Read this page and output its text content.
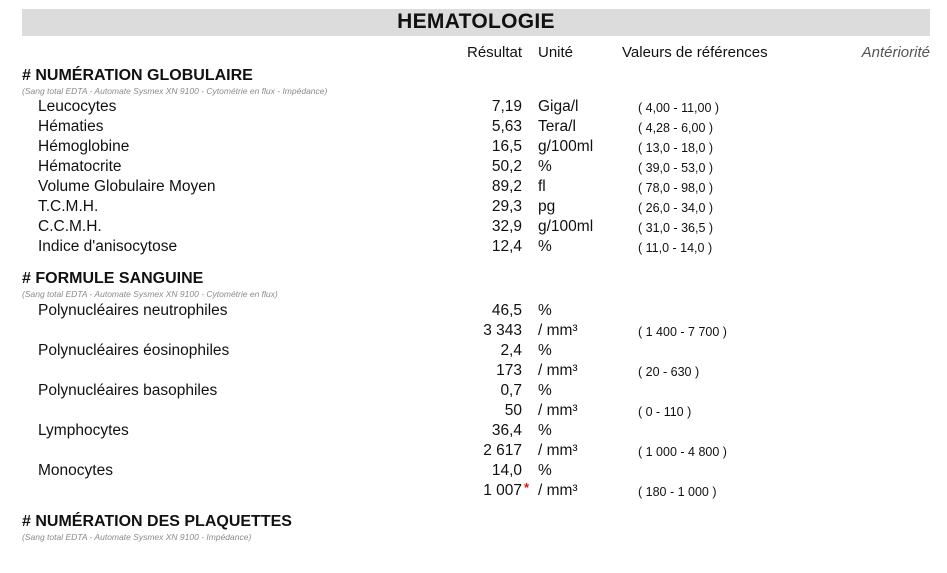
HEMATOLOGIE
Résultat Unité	Valeurs de références	Antériorité
# NUMÉRATION GLOBULAIRE
(Sang total EDTA - Automate Sysmex XN 9100 - Cytométrie en flux - Impédance)
Leucocytes	7,19 Giga/l	( 4,00 - 11,00 )
Hématies	5,63 Tera/l	( 4,28 - 6,00 )
Hémoglobine	16,5 g/100ml	( 13,0 - 18,0 )
Hématocrite	50,2 %	( 39,0 - 53,0 )
Volume Globulaire Moyen	89,2 fl	( 78,0 - 98,0 )
T.C.M.H.	29,3 pg	( 26,0 - 34,0 )
C.C.M.H.	32,9 g/100ml	( 31,0 - 36,5 )
Indice d'anisocytose	12,4 %	( 11,0 - 14,0 )
# FORMULE SANGUINE
(Sang total EDTA - Automate Sysmex XN 9100 - Cytométrie en flux)
Polynucléaires neutrophiles	46,5 %
3 343 / mm³	( 1 400 - 7 700 )
Polynucléaires éosinophiles	2,4 %
173 / mm³	( 20 - 630 )
Polynucléaires basophiles	0,7 %
50 / mm³	( 0 - 110 )
Lymphocytes	36,4 %
2 617 / mm³	( 1 000 - 4 800 )
Monocytes	14,0 %
1 007 * / mm³	( 180 - 1 000 )
# NUMÉRATION DES PLAQUETTES
(Sang total EDTA - Automate Sysmex XN 9100 - Impédance)
